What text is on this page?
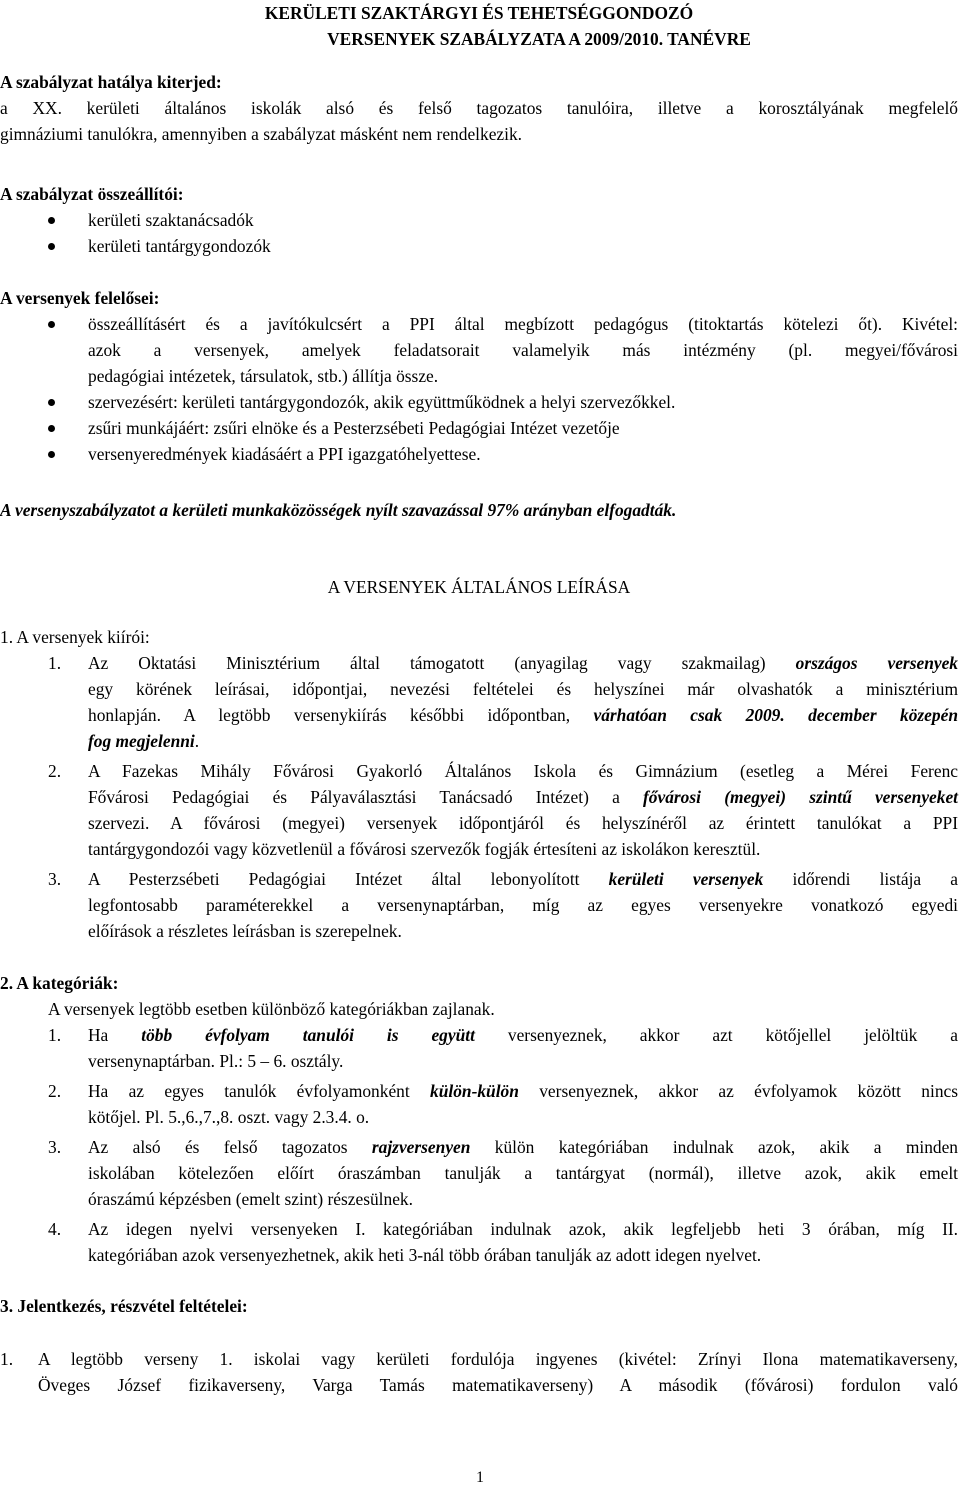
KERÜLETI SZAKTÁRGYI ÉS TEHETSÉGGONDOZÓ
VERSENYEK SZABÁLYZATA A 2009/2010. TANÉVRE
A szabályzat hatálya kiterjed:
a XX. kerületi általános iskolák alsó és felső tagozatos tanulóira, illetve a korosztályának megfelelő
gimnáziumi tanulókra, amennyiben a szabályzat másként nem rendelkezik.
A szabályzat összeállítói:
kerületi szaktanácsadók
kerületi tantárgygondozók
A versenyek felelősei:
összeállításért és a javítókulcsért a PPI által megbízott pedagógus (titoktartás kötelezi őt). Kivétel:
azok a versenyek, amelyek feladatsorait valamelyik más intézmény (pl. megyei/fővárosi
pedagógiai intézetek, társulatok, stb.) állítja össze.
szervezésért: kerületi tantárgygondozók, akik együttműködnek a helyi szervezőkkel.
zsűri munkájáért: zsűri elnöke és a Pesterzsébeti Pedagógiai Intézet vezetője
versenyeredmények kiadásáért a PPI igazgatóhelyettese.
A versenyszabályzatot a kerületi munkaközösségek nyílt szavazással 97% arányban elfogadták.
A VERSENYEK ÁLTALÁNOS LEÍRÁSA
1. A versenyek kiírói:
1. Az Oktatási Minisztérium által támogatott (anyagilag vagy szakmailag) országos versenyek
egy körének leírásai, időpontjai, nevezési feltételei és helyszínei már olvashatók a minisztérium
honlapján. A legtöbb versenykiírás későbbi időpontban, várhatóan csak 2009. december közepén
fog megjelenni.
2. A Fazekas Mihály Fővárosi Gyakorló Általános Iskola és Gimnázium (esetleg a Mérei Ferenc
Fővárosi Pedagógiai és Pályaválasztási Tanácsadó Intézet) a fővárosi (megyei) szintű versenyeket
szervezi. A fővárosi (megyei) versenyek időpontjáról és helyszínéről az érintett tanulókat a PPI
tantárgygondozói vagy közvetlenül a fővárosi szervezők fogják értesíteni az iskolákon keresztül.
3. A Pesterzsébeti Pedagógiai Intézet által lebonyolított kerületi versenyek időrendi listája a
legfontosabb paraméterekkel a versenynaptárban, míg az egyes versenyekre vonatkozó egyedi
előírások a részletes leírásban is szerepelnek.
2. A kategóriák:
A versenyek legtöbb esetben különböző kategóriákban zajlanak.
1. Ha több évfolyam tanulói is együtt versenyeznek, akkor azt kötőjellel jelöltük a
versenynaptárban. Pl.: 5 – 6. osztály.
2. Ha az egyes tanulók évfolyamonként külön-külön versenyeznek, akkor az évfolyamok között nincs
kötőjel. Pl. 5.,6.,7.,8. oszt. vagy 2.3.4. o.
3. Az alsó és felső tagozatos rajzversenyen külön kategóriában indulnak azok, akik a minden
iskolában kötelezően előírt óraszámban tanulják a tantárgyat (normál), illetve azok, akik emelt
óraszámú képzésben (emelt szint) részesülnek.
4. Az idegen nyelvi versenyeken I. kategóriában indulnak azok, akik legfeljebb heti 3 órában, míg II.
kategóriában azok versenyezhetnek, akik heti 3-nál több órában tanulják az adott idegen nyelvet.
3. Jelentkezés, részvétel feltételei:
1. A legtöbb verseny 1. iskolai vagy kerületi fordulója ingyenes (kivétel: Zrínyi Ilona matematikaverseny,
Öveges József fizikaverseny, Varga Tamás matematikaverseny) A második (fővárosi) fordulon való
1
